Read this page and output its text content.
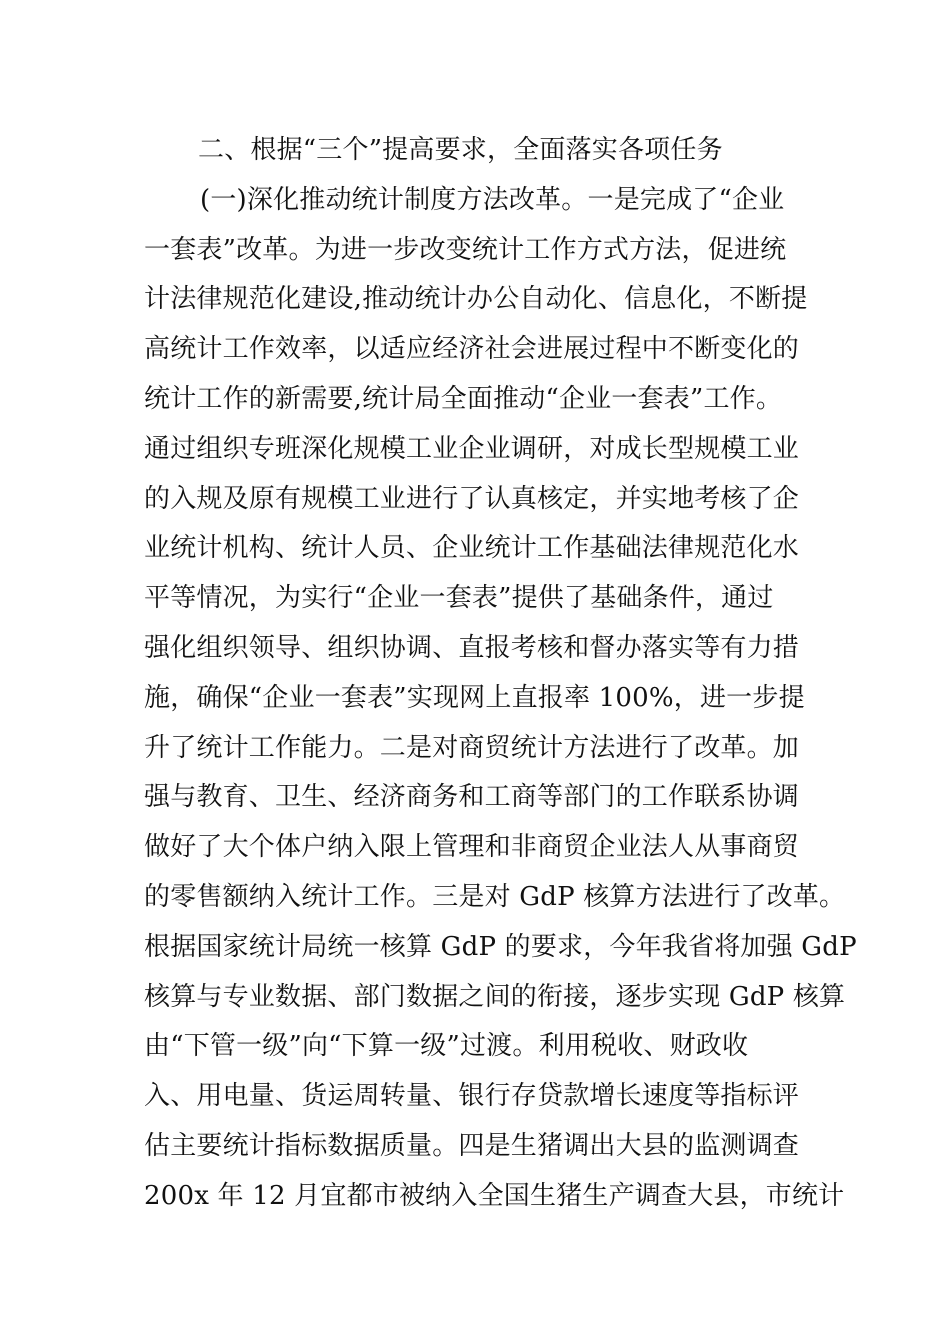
二、根据“三个”提高要求，全面落实各项任务
(一)深化推动统计制度方法改革。一是完成了“企业
一套表”改革。为进一步改变统计工作方式方法，促进统
计法律规范化建设,推动统计办公自动化、信息化，不断提
高统计工作效率，以适应经济社会进展过程中不断变化的
统计工作的新需要,统计局全面推动“企业一套表”工作。
通过组织专班深化规模工业企业调研，对成长型规模工业
的入规及原有规模工业进行了认真核定，并实地考核了企
业统计机构、统计人员、企业统计工作基础法律规范化水
平等情况，为实行“企业一套表”提供了基础条件，通过
强化组织领导、组织协调、直报考核和督办落实等有力措
施，确保“企业一套表”实现网上直报率 100%，进一步提
升了统计工作能力。二是对商贸统计方法进行了改革。加
强与教育、卫生、经济商务和工商等部门的工作联系协调
做好了大个体户纳入限上管理和非商贸企业法人从事商贸
的零售额纳入统计工作。三是对 GdP 核算方法进行了改革。
根据国家统计局统一核算 GdP 的要求，今年我省将加强 GdP
核算与专业数据、部门数据之间的衔接，逐步实现 GdP 核算
由“下管一级”向“下算一级”过渡。利用税收、财政收
入、用电量、货运周转量、银行存贷款增长速度等指标评
估主要统计指标数据质量。四是生猪调出大县的监测调查
200x 年 12 月宜都市被纳入全国生猪生产调查大县，市统计
